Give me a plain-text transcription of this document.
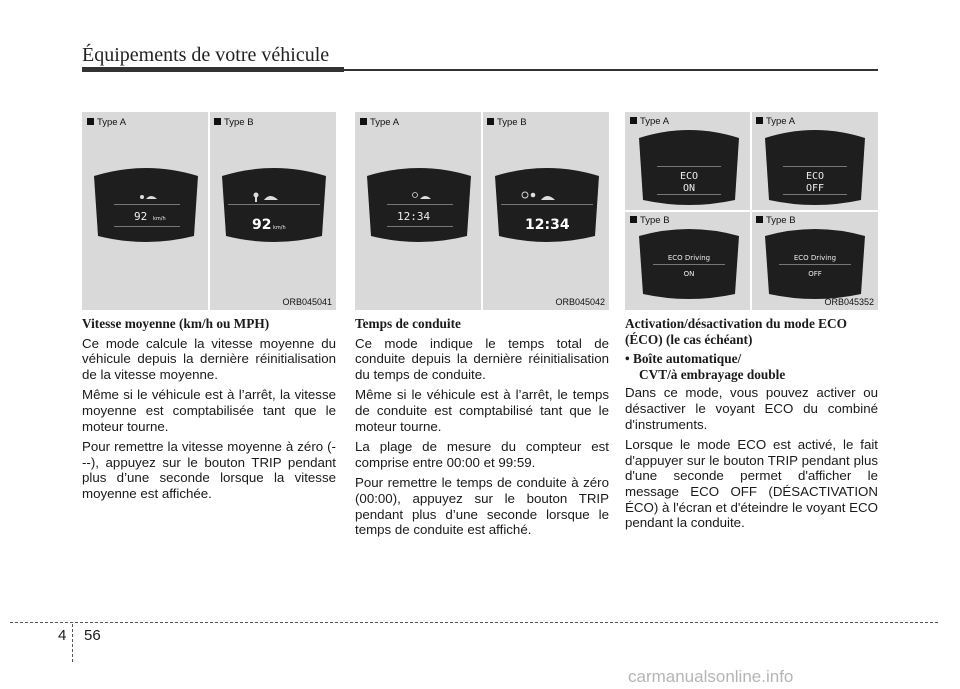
Équipements de votre véhicule
Type A	Type B
92 km/h	92 km/h
ORB045041
Type A	Type B
12:34
12:34
ORB045042
Type A	Type A
Type B	Type B
ECO
ON
ECO
OFF
ECO Driving
ON
ECO Driving
OFF
ORB045352
Vitesse moyenne (km/h ou MPH)

Ce mode calcule la vitesse moyenne du véhicule depuis la dernière réinitialisation de la vitesse moyenne.

Même si le véhicule est à l’arrêt, la vitesse moyenne est comptabilisée tant que le moteur tourne.

Pour remettre la vitesse moyenne à zéro (---), appuyez sur le bouton TRIP pendant plus d’une seconde lorsque la vitesse moyenne est affichée.

Temps de conduite

Ce mode indique le temps total de conduite depuis la dernière réinitialisation du temps de conduite.

Même si le véhicule est à l’arrêt, le temps de conduite est comptabilisé tant que le moteur tourne.

La plage de mesure du compteur est comprise entre 00:00 et 99:59.

Pour remettre le temps de conduite à zéro (00:00), appuyez sur le bouton TRIP pendant plus d’une seconde lorsque le temps de conduite est affiché.

Activation/désactivation du mode ECO
(ÉCO) (le cas échéant)
• Boîte automatique/
CVT/à embrayage double

Dans ce mode, vous pouvez activer ou désactiver le voyant ECO du combiné d'instruments.

Lorsque le mode ECO est activé, le fait d'appuyer sur le bouton TRIP pendant plus d'une seconde permet d'afficher le message ECO OFF (DÉSACTIVATION ÉCO) à l'écran et d'éteindre le voyant ECO pendant la conduite.

4 56
carmanualsonline.info
